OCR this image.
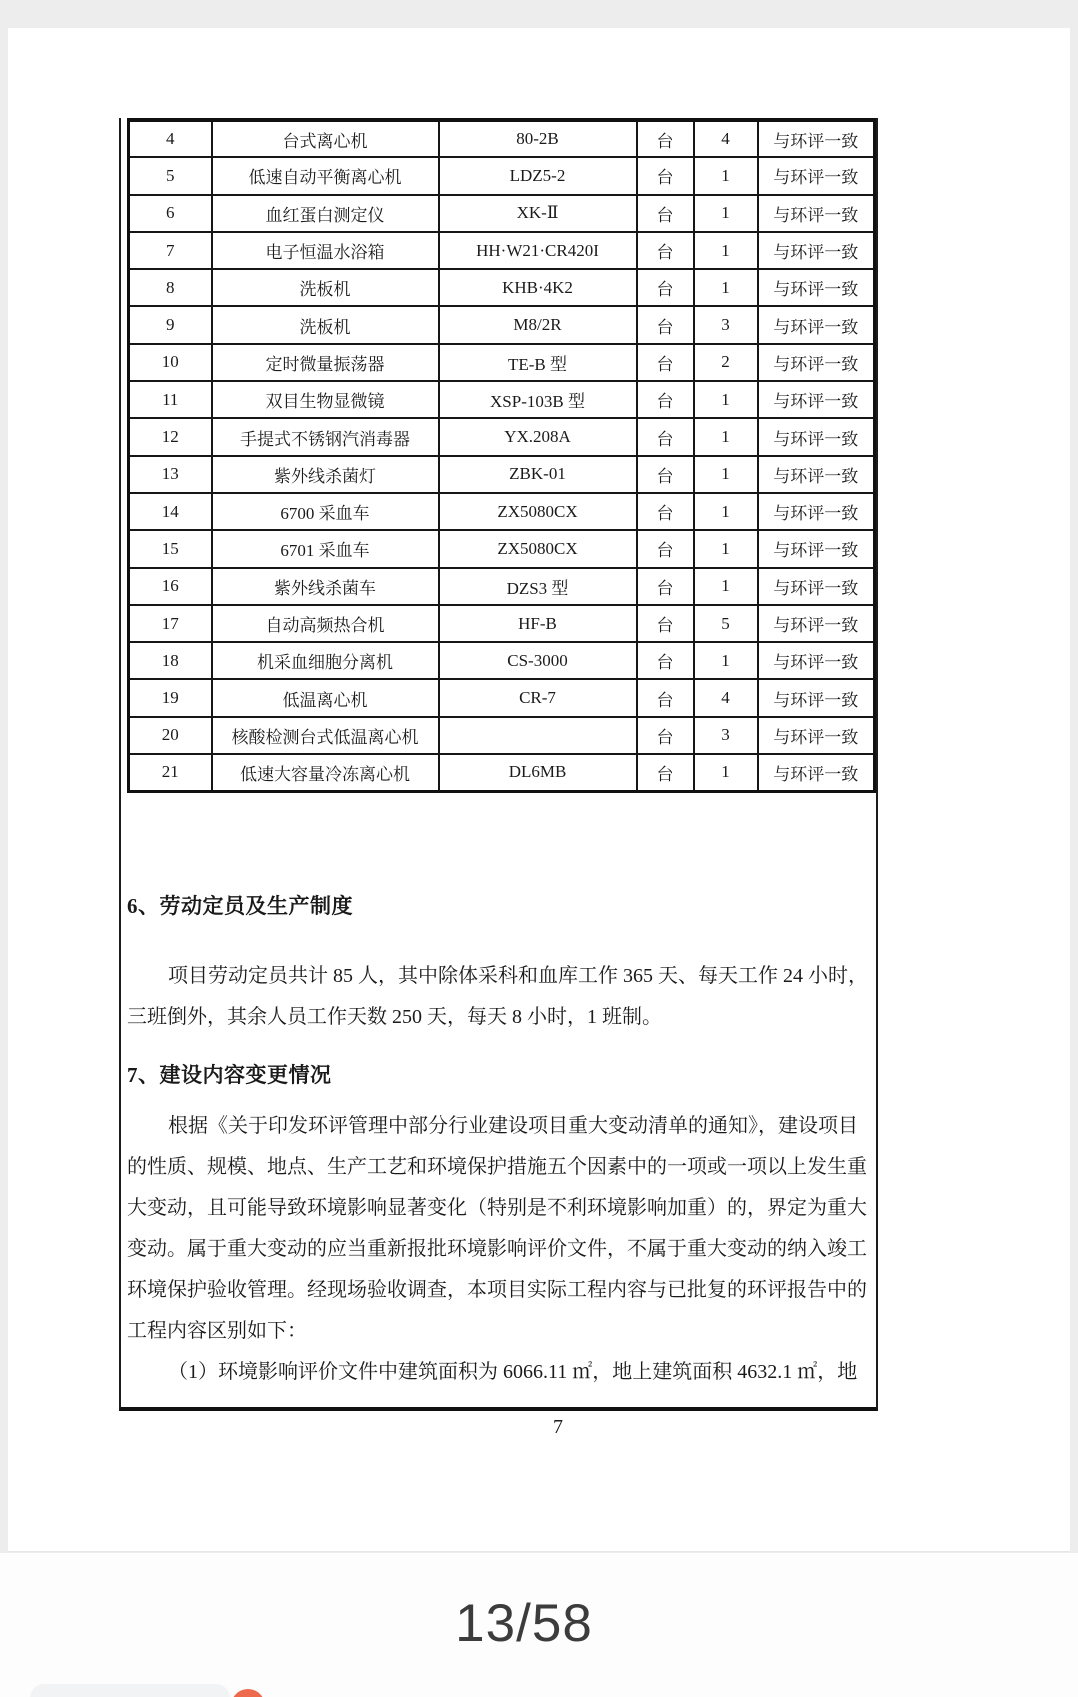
4	台式离心机	80-2B	台	4	与环评一致
5	低速自动平衡离心机	LDZ5-2	台	1	与环评一致
6	血红蛋白测定仪	XK-Ⅱ	台	1	与环评一致
7	电子恒温水浴箱	HH·W21·CR420I	台	1	与环评一致
8	洗板机	KHB·4K2	台	1	与环评一致
9	洗板机	M8/2R	台	3	与环评一致
10	定时微量振荡器	TE-B 型	台	2	与环评一致
11	双目生物显微镜	XSP-103B 型	台	1	与环评一致
12	手提式不锈钢汽消毒器	YX.208A	台	1	与环评一致
13	紫外线杀菌灯	ZBK-01	台	1	与环评一致
14	6700 采血车	ZX5080CX	台	1	与环评一致
15	6701 采血车	ZX5080CX	台	1	与环评一致
16	紫外线杀菌车	DZS3 型	台	1	与环评一致
17	自动高频热合机	HF-B	台	5	与环评一致
18	机采血细胞分离机	CS-3000	台	1	与环评一致
19	低温离心机	CR-7	台	4	与环评一致
20	核酸检测台式低温离心机		台	3	与环评一致
21	低速大容量冷冻离心机	DL6MB	台	1	与环评一致
6、劳动定员及生产制度
项目劳动定员共计 85 人，其中除体采科和血库工作 365 天、每天工作 24 小时，
三班倒外，其余人员工作天数 250 天，每天 8 小时，1 班制。
7、建设内容变更情况
根据《关于印发环评管理中部分行业建设项目重大变动清单的通知》，建设项目
的性质、规模、地点、生产工艺和环境保护措施五个因素中的一项或一项以上发生重
大变动，且可能导致环境影响显著变化（特别是不利环境影响加重）的，界定为重大
变动。属于重大变动的应当重新报批环境影响评价文件，不属于重大变动的纳入竣工
环境保护验收管理。经现场验收调查，本项目实际工程内容与已批复的环评报告中的
工程内容区别如下：
（1）环境影响评价文件中建筑面积为 6066.11 ㎡，地上建筑面积 4632.1 ㎡，地
7
13/58
